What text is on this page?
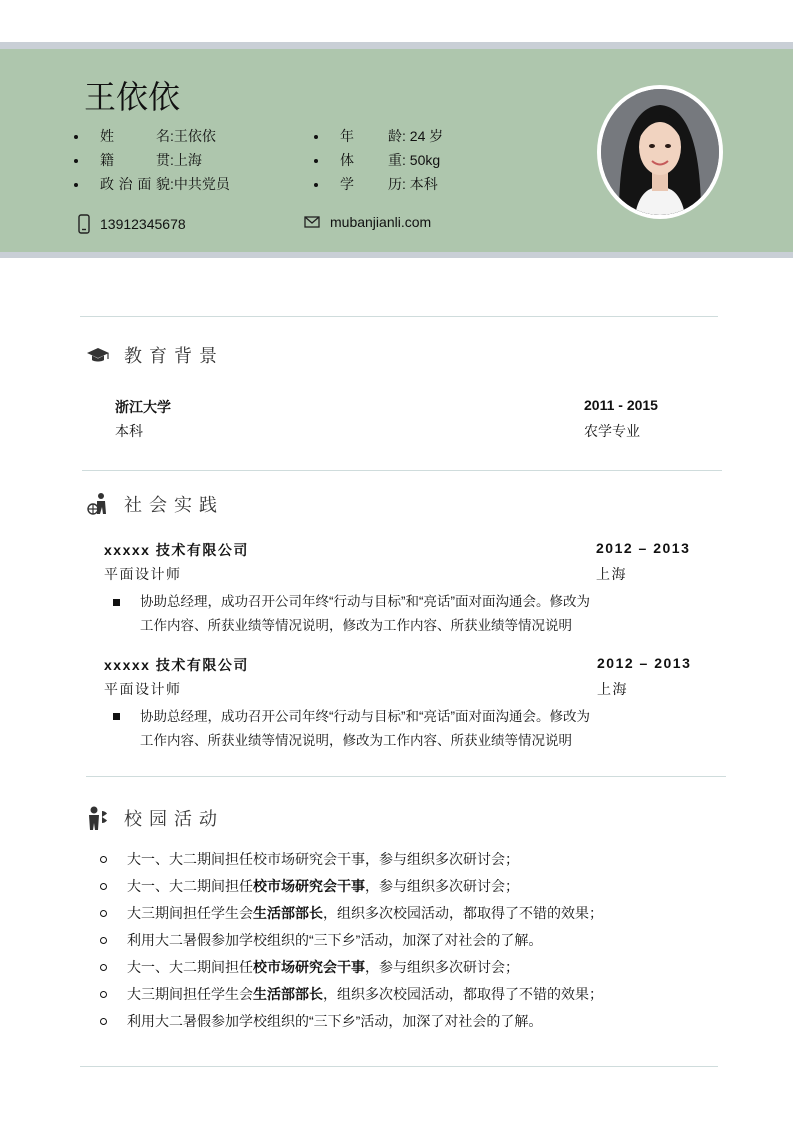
王依依
姓名 : 王依依
籍贯 : 上海
政治面貌 : 中共党员
年龄 : 24 岁
体重 : 50kg
学历 : 本科
13912345678	mubanjianli.com
教育背景
浙江大学	2011 - 2015
本科	农学专业
社会实践
xxxxx 技术有限公司	2012 – 2013
平面设计师	上海
协助总经理，成功召开公司年终“行动与目标”和“亮话”面对面沟通会。修改为
工作内容、所获业绩等情况说明，修改为工作内容、所获业绩等情况说明
xxxxx 技术有限公司	2012 – 2013
平面设计师	上海
协助总经理，成功召开公司年终“行动与目标”和“亮话”面对面沟通会。修改为
工作内容、所获业绩等情况说明，修改为工作内容、所获业绩等情况说明
校园活动
大一、大二期间担任校市场研究会干事，参与组织多次研讨会；
大一、大二期间担任校市场研究会干事，参与组织多次研讨会；
大三期间担任学生会生活部部长，组织多次校园活动，都取得了不错的效果；
利用大二暑假参加学校组织的“三下乡”活动，加深了对社会的了解。
大一、大二期间担任校市场研究会干事，参与组织多次研讨会；
大三期间担任学生会生活部部长，组织多次校园活动，都取得了不错的效果；
利用大二暑假参加学校组织的“三下乡”活动，加深了对社会的了解。
